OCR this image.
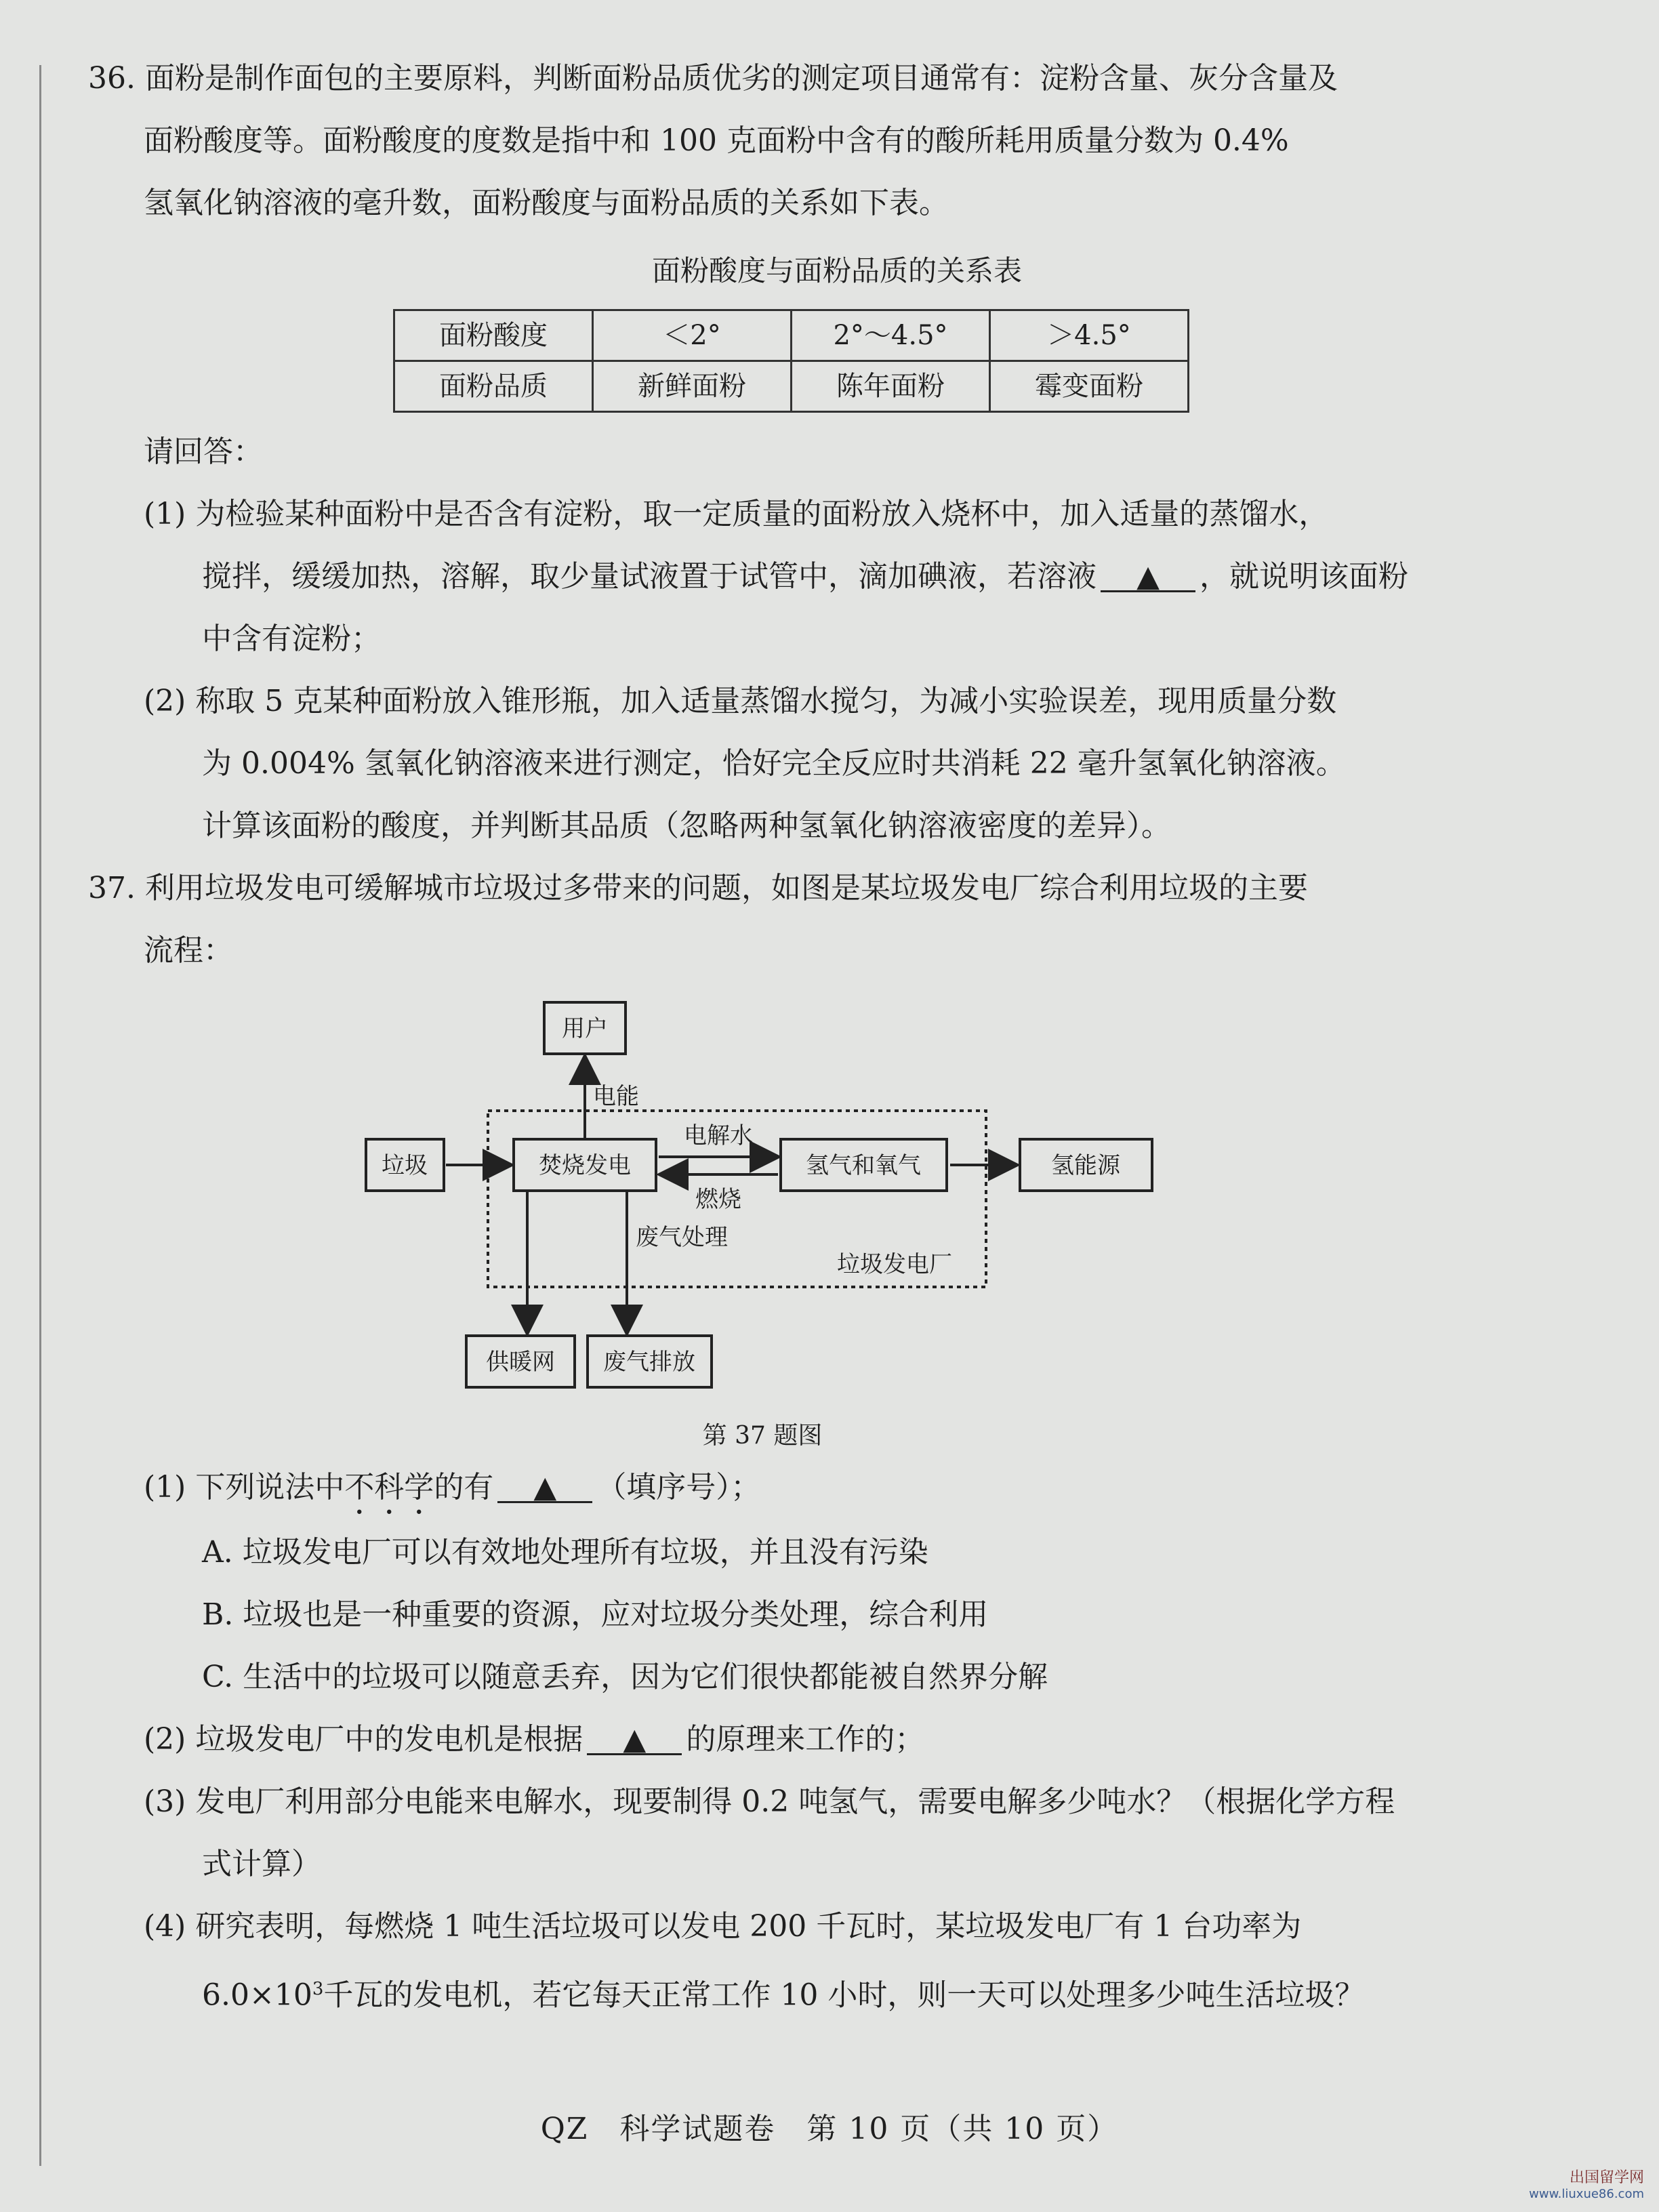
36. 面粉是制作面包的主要原料，判断面粉品质优劣的测定项目通常有：淀粉含量、灰分含量及

面粉酸度等。面粉酸度的度数是指中和 100 克面粉中含有的酸所耗用质量分数为 0.4%

氢氧化钠溶液的毫升数，面粉酸度与面粉品质的关系如下表。

面粉酸度与面粉品质的关系表
面粉酸度	＜2°	2°～4.5°	＞4.5°
面粉品质	新鲜面粉	陈年面粉	霉变面粉

请回答：

(1) 为检验某种面粉中是否含有淀粉，取一定质量的面粉放入烧杯中，加入适量的蒸馏水，

搅拌，缓缓加热，溶解，取少量试液置于试管中，滴加碘液，若溶液 ▲ ，就说明该面粉

中含有淀粉；

(2) 称取 5 克某种面粉放入锥形瓶，加入适量蒸馏水搅匀，为减小实验误差，现用质量分数

为 0.004% 氢氧化钠溶液来进行测定，恰好完全反应时共消耗 22 毫升氢氧化钠溶液。

计算该面粉的酸度，并判断其品质（忽略两种氢氧化钠溶液密度的差异）。

37. 利用垃圾发电可缓解城市垃圾过多带来的问题，如图是某垃圾发电厂综合利用垃圾的主要

流程：

用户
电能
垃圾	焚烧发电
电解水
燃烧
氢气和氧气	氢能源
废气处理
垃圾发电厂
供暖网 废气排放
第 37 题图

(1) 下列说法中不科学的有 ▲ （填序号）；

A. 垃圾发电厂可以有效地处理所有垃圾，并且没有污染

B. 垃圾也是一种重要的资源，应对垃圾分类处理，综合利用

C. 生活中的垃圾可以随意丢弃，因为它们很快都能被自然界分解

(2) 垃圾发电厂中的发电机是根据 ▲ 的原理来工作的；

(3) 发电厂利用部分电能来电解水，现要制得 0.2 吨氢气，需要电解多少吨水？（根据化学方程

式计算）

(4) 研究表明，每燃烧 1 吨生活垃圾可以发电 200 千瓦时，某垃圾发电厂有 1 台功率为

$6.0\times 10^3$千瓦的发电机，若它每天正常工作 10 小时，则一天可以处理多少吨生活垃圾？

QZ　科学试题卷　第 10 页（共 10 页）
出国留学网
www.liuxue86.com
